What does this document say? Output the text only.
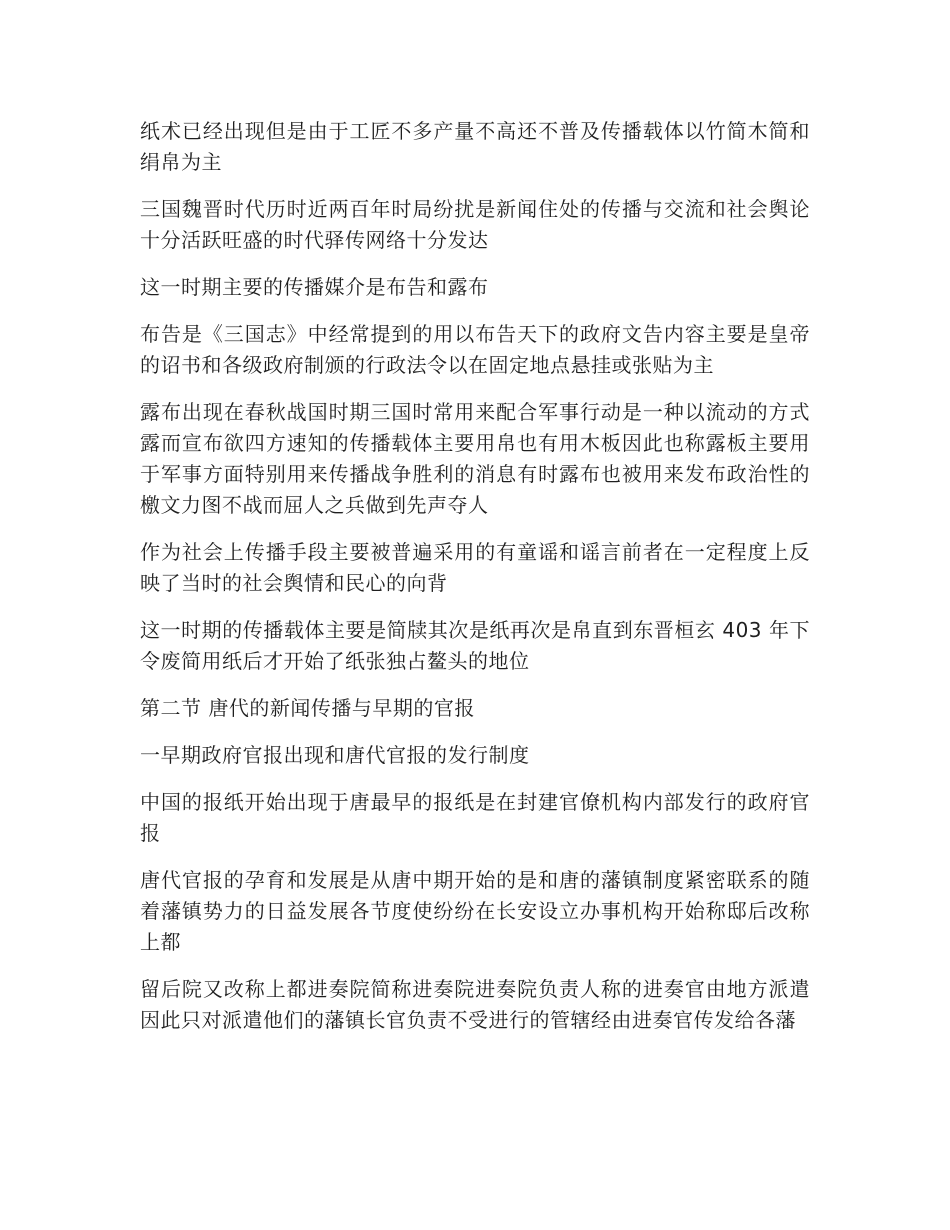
纸术已经出现但是由于工匠不多产量不高还不普及传播载体以竹简木简和绢帛为主

三国魏晋时代历时近两百年时局纷扰是新闻住处的传播与交流和社会舆论十分活跃旺盛的时代驿传网络十分发达

这一时期主要的传播媒介是布告和露布

布告是《三国志》中经常提到的用以布告天下的政府文告内容主要是皇帝的诏书和各级政府制颁的行政法令以在固定地点悬挂或张贴为主

露布出现在春秋战国时期三国时常用来配合军事行动是一种以流动的方式露而宣布欲四方速知的传播载体主要用帛也有用木板因此也称露板主要用于军事方面特别用来传播战争胜利的消息有时露布也被用来发布政治性的檄文力图不战而屈人之兵做到先声夺人

作为社会上传播手段主要被普遍采用的有童谣和谣言前者在一定程度上反映了当时的社会舆情和民心的向背

这一时期的传播载体主要是简牍其次是纸再次是帛直到东晋桓玄 403 年下令废简用纸后才开始了纸张独占鳌头的地位

第二节 唐代的新闻传播与早期的官报

一早期政府官报出现和唐代官报的发行制度

中国的报纸开始出现于唐最早的报纸是在封建官僚机构内部发行的政府官报

唐代官报的孕育和发展是从唐中期开始的是和唐的藩镇制度紧密联系的随着藩镇势力的日益发展各节度使纷纷在长安设立办事机构开始称邸后改称上都

留后院又改称上都进奏院简称进奏院进奏院负责人称的进奏官由地方派遣因此只对派遣他们的藩镇长官负责不受进行的管辖经由进奏官传发给各藩
